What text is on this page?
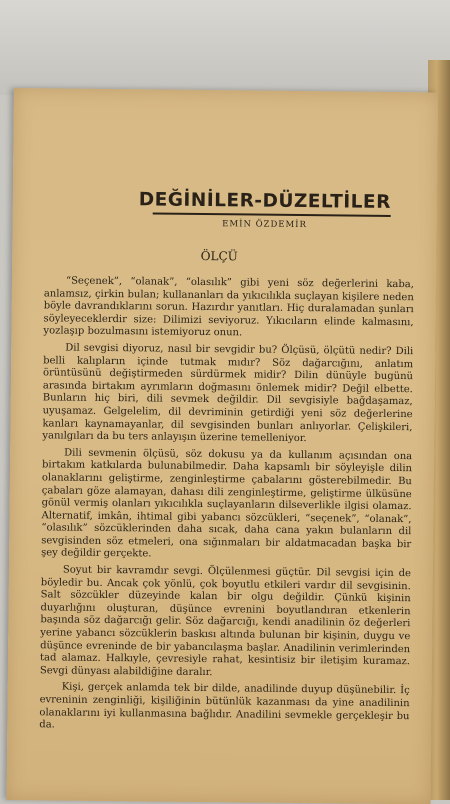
DEĞİNİLER-DÜZELTİLER
EMİN ÖZDEMİR
ÖLÇÜ

“Seçenek”, “olanak”, “olasılık” gibi yeni söz değerlerini kaba, anlamsız, çirkin bulan; kullananları da yıkıcılıkla suçlayan kişilere neden böyle davrandıklarını sorun. Hazırdır yanıtları. Hiç duralamadan şunları söyleyeceklerdir size: Dilimizi seviyoruz. Yıkıcıların elinde kalmasını, yozlaşıp bozulmasını istemiyoruz onun.

Dil sevgisi diyoruz, nasıl bir sevgidir bu? Ölçüsü, ölçütü nedir? Dili belli kalıpların içinde tutmak mıdır? Söz dağarcığını, anlatım örüntüsünü değiştirmeden sürdürmek midir? Dilin dünüyle bugünü arasında birtakım ayrımların doğmasını önlemek midir? Değil elbette. Bunların hiç biri, dili sevmek değildir. Dil sevgisiyle bağdaşamaz, uyuşamaz. Gelgelelim, dil devriminin getirdiği yeni söz değerlerine kanları kaynamayanlar, dil sevgisinden bunları anlıyorlar. Çelişkileri, yanılgıları da bu ters anlayışın üzerine temelleniyor.

Dili sevmenin ölçüsü, söz dokusu ya da kullanım açısından ona birtakım katkılarda bulunabilmedir. Daha kapsamlı bir söyleyişle dilin olanaklarını geliştirme, zenginleştirme çabalarını gösterebilmedir. Bu çabaları göze alamayan, dahası dili zenginleştirme, geliştirme ülküsüne gönül vermiş olanları yıkıcılıkla suçlayanların dilseverlikle ilgisi olamaz. Alternatif, imkân, ihtimal gibi yabancı sözcükleri, “seçenek”, “olanak”, “olasılık” sözcüklerinden daha sıcak, daha cana yakın bulanların dil sevgisinden söz etmeleri, ona sığınmaları bir aldatmacadan başka bir şey değildir gerçekte.

Soyut bir kavramdır sevgi. Ölçülenmesi güçtür. Dil sevgisi için de böyledir bu. Ancak çok yönlü, çok boyutlu etkileri vardır dil sevgisinin. Salt sözcükler düzeyinde kalan bir olgu değildir. Çünkü kişinin duyarlığını oluşturan, düşünce evrenini boyutlandıran etkenlerin başında söz dağarcığı gelir. Söz dağarcığı, kendi anadilinin öz değerleri yerine yabancı sözcüklerin baskısı altında bulunan bir kişinin, duygu ve düşünce evreninde de bir yabancılaşma başlar. Anadilinin verimlerinden tad alamaz. Halkıyle, çevresiyle rahat, kesintisiz bir iletişim kuramaz. Sevgi dünyası alabildiğine daralır.

Kişi, gerçek anlamda tek bir dilde, anadilinde duyup düşünebilir. İç evreninin zenginliği, kişiliğinin bütünlük kazanması da yine anadilinin olanaklarını iyi kullanmasına bağlıdır. Anadilini sevmekle gerçekleşir bu da.
